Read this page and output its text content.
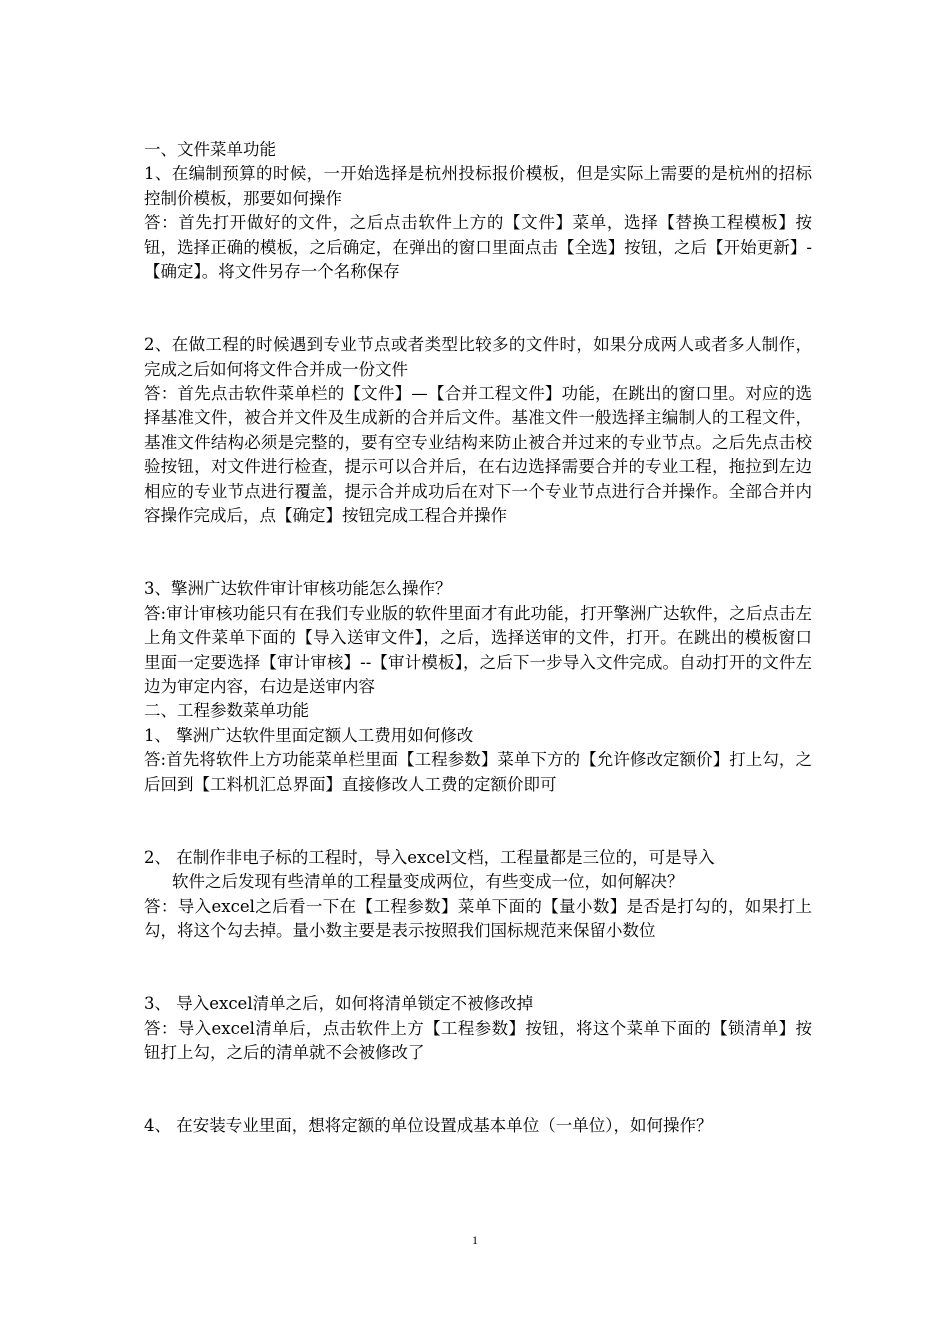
一、文件菜单功能

1、在编制预算的时候，一开始选择是杭州投标报价模板，但是实际上需要的是杭州的招标控制价模板，那要如何操作

答：首先打开做好的文件，之后点击软件上方的【文件】菜单，选择【替换工程模板】按钮，选择正确的模板，之后确定，在弹出的窗口里面点击【全选】按钮，之后【开始更新】-【确定】。将文件另存一个名称保存

2、在做工程的时候遇到专业节点或者类型比较多的文件时，如果分成两人或者多人制作，完成之后如何将文件合并成一份文件

答：首先点击软件菜单栏的【文件】—【合并工程文件】功能，在跳出的窗口里。对应的选择基准文件，被合并文件及生成新的合并后文件。基准文件一般选择主编制人的工程文件，基准文件结构必须是完整的，要有空专业结构来防止被合并过来的专业节点。之后先点击校验按钮，对文件进行检查，提示可以合并后，在右边选择需要合并的专业工程，拖拉到左边相应的专业节点进行覆盖，提示合并成功后在对下一个专业节点进行合并操作。全部合并内容操作完成后，点【确定】按钮完成工程合并操作

3、擎洲广达软件审计审核功能怎么操作？

答:审计审核功能只有在我们专业版的软件里面才有此功能，打开擎洲广达软件，之后点击左上角文件菜单下面的【导入送审文件】，之后，选择送审的文件，打开。在跳出的模板窗口里面一定要选择【审计审核】--【审计模板】，之后下一步导入文件完成。自动打开的文件左边为审定内容，右边是送审内容

二、工程参数菜单功能

1、 擎洲广达软件里面定额人工费用如何修改

答:首先将软件上方功能菜单栏里面【工程参数】菜单下方的【允许修改定额价】打上勾，之后回到【工料机汇总界面】直接修改人工费的定额价即可

2、 在制作非电子标的工程时，导入excel文档，工程量都是三位的，可是导入

软件之后发现有些清单的工程量变成两位，有些变成一位，如何解决？

答：导入excel之后看一下在【工程参数】菜单下面的【量小数】是否是打勾的，如果打上勾，将这个勾去掉。量小数主要是表示按照我们国标规范来保留小数位

3、 导入excel清单之后，如何将清单锁定不被修改掉

答：导入excel清单后，点击软件上方【工程参数】按钮，将这个菜单下面的【锁清单】按钮打上勾，之后的清单就不会被修改了

4、 在安装专业里面，想将定额的单位设置成基本单位（一单位），如何操作？

1
